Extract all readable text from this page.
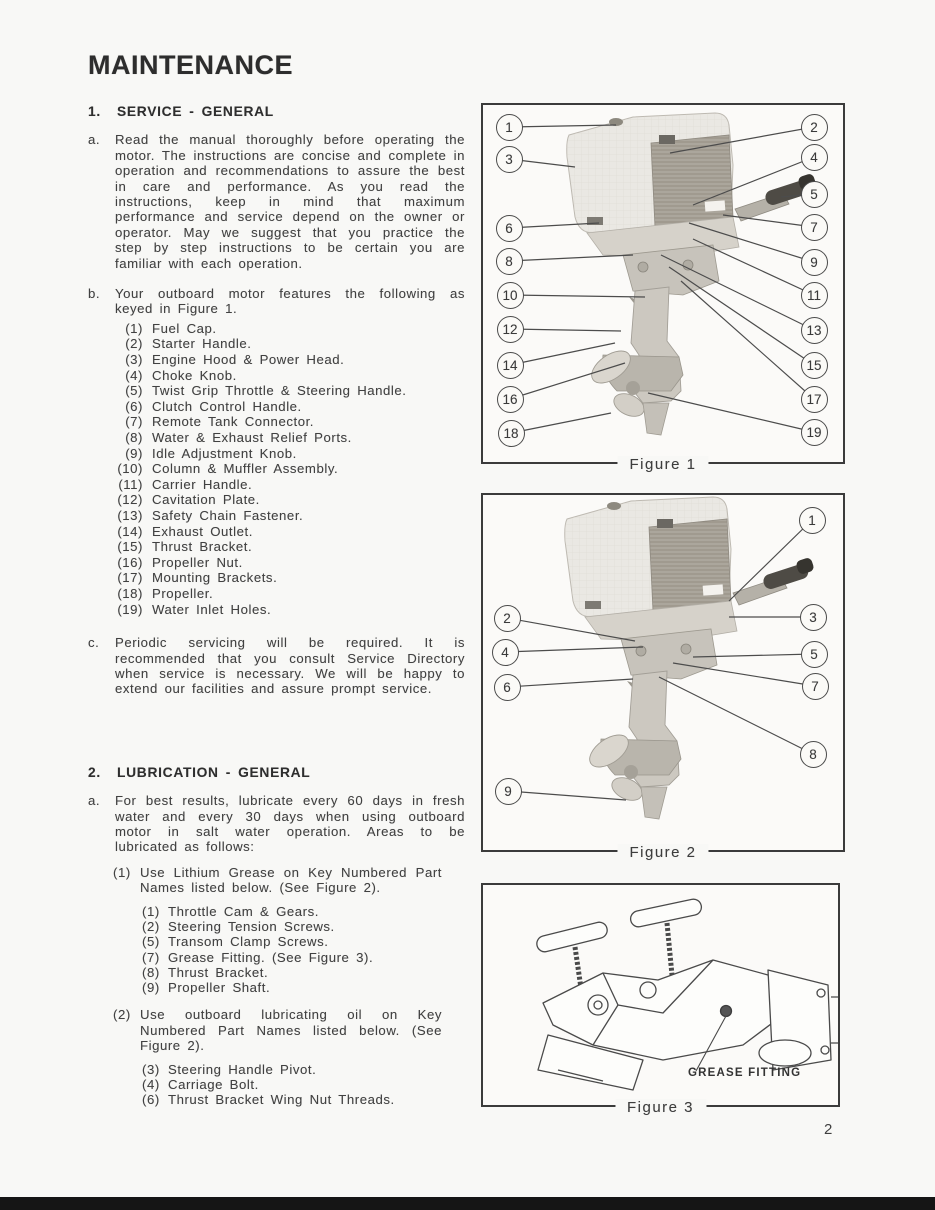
MAINTENANCE
1.	SERVICE - GENERAL
a.	Read the manual thoroughly before operating the motor. The instructions are concise and complete in operation and recommendations to assure the best in care and performance. As you read the instructions, keep in mind that maximum performance and service depend on the owner or operator. May we suggest that you practice the step by step instructions to be certain you are familiar with each operation.

b.	Your outboard motor features the following as keyed in Figure 1.

(1) Fuel Cap.
(2) Starter Handle.
(3) Engine Hood & Power Head.
(4) Choke Knob.
(5) Twist Grip Throttle & Steering Handle.
(6) Clutch Control Handle.
(7) Remote Tank Connector.
(8) Water & Exhaust Relief Ports.
(9) Idle Adjustment Knob.
(10) Column & Muffler Assembly.
(11) Carrier Handle.
(12) Cavitation Plate.
(13) Safety Chain Fastener.
(14) Exhaust Outlet.
(15) Thrust Bracket.
(16) Propeller Nut.
(17) Mounting Brackets.
(18) Propeller.
(19) Water Inlet Holes.
c.	Periodic servicing will be required. It is recommended that you consult Service Directory when service is necessary. We will be happy to extend our facilities and assure prompt service.

2.	LUBRICATION - GENERAL
a.	For best results, lubricate every 60 days in fresh water and every 30 days when using outboard motor in salt water operation. Areas to be lubricated as follows:

(1) Use Lithium Grease on Key Numbered Part Names listed below. (See Figure 2).

(1) Throttle Cam & Gears.
(2) Steering Tension Screws.
(5) Transom Clamp Screws.
(7) Grease Fitting. (See Figure 3).
(8) Thrust Bracket.
(9) Propeller Shaft.
(2) Use outboard lubricating oil on Key Numbered Part Names listed below. (See Figure 2).

(3) Steering Handle Pivot.
(4) Carriage Bolt.
(6) Thrust Bracket Wing Nut Threads.
1	2
3	4
5
6	7
8	9
10	11
12	13
14	15
16	17
18	19
Figure 1
1
2	3
4	5
6	7
8
9
Figure 2
GREASE FITTING
Figure 3
2
